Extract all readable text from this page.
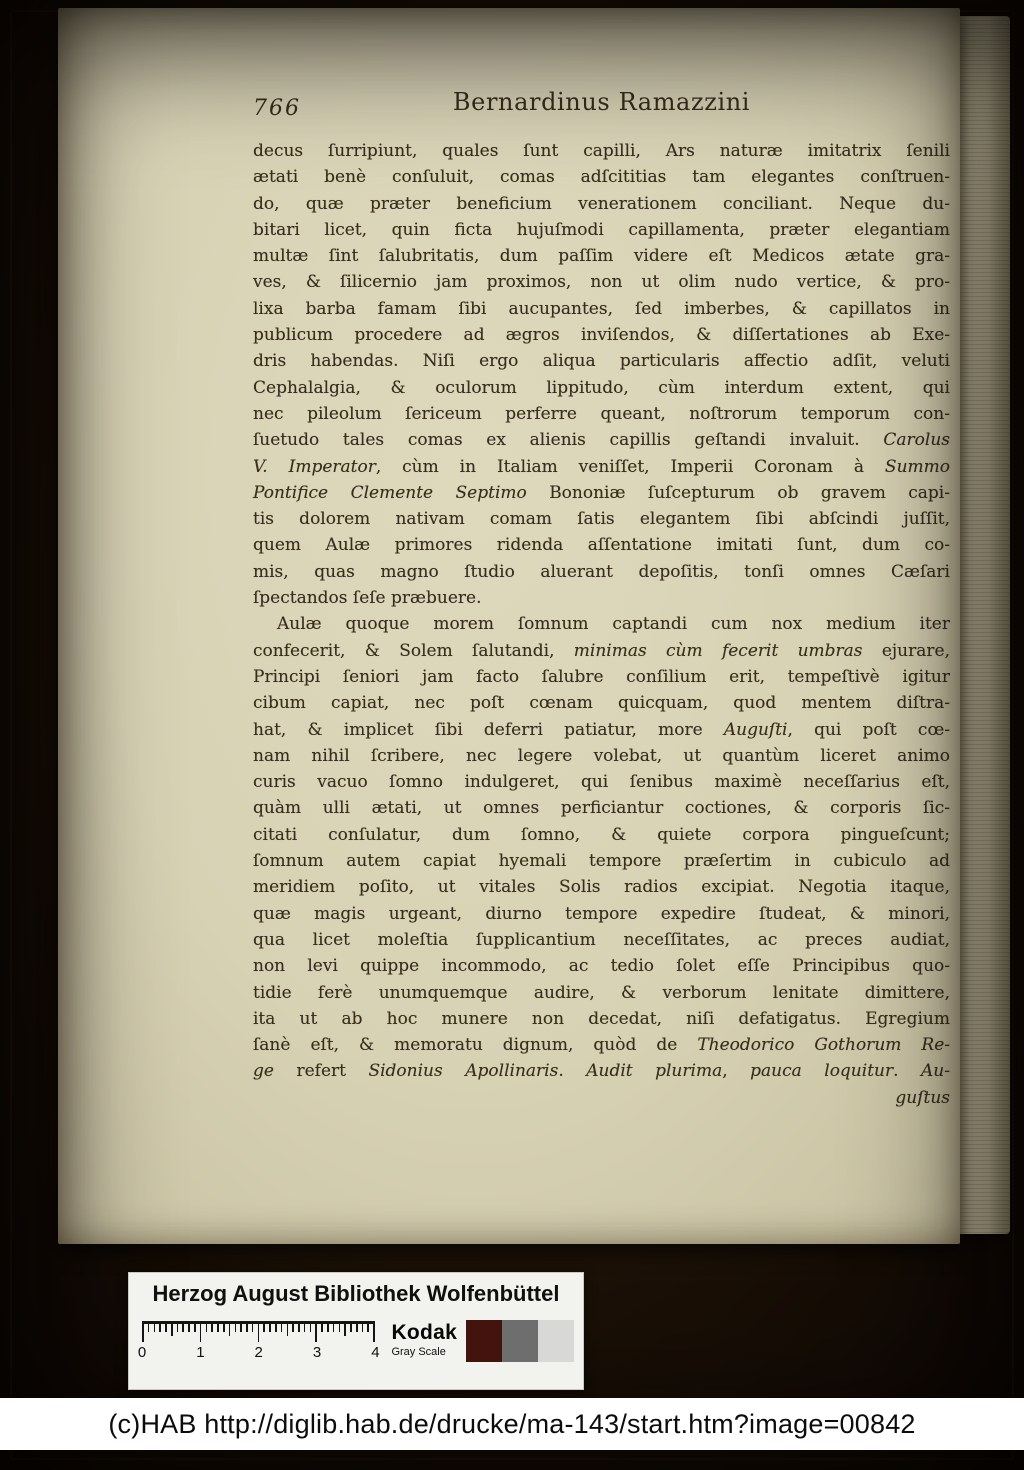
766	Bernardinus Ramazzini
decus ſurripiunt, quales ſunt capilli, Ars naturæ imitatrix ſenili
ætati benè conſuluit, comas adſcititias tam elegantes conſtruen-
do, quæ præter beneficium venerationem conciliant. Neque du-
bitari licet, quin ficta hujuſmodi capillamenta, præter elegantiam
multæ ſint ſalubritatis, dum paſſim videre eſt Medicos ætate gra-
ves, & ſilicernio jam proximos, non ut olim nudo vertice, & pro-
lixa barba famam ſibi aucupantes, ſed imberbes, & capillatos in
publicum procedere ad ægros inviſendos, & diſſertationes ab Exe-
dris habendas. Niſi ergo aliqua particularis affectio adſit, veluti
Cephalalgia, & oculorum lippitudo, cùm interdum extent, qui
nec pileolum ſericeum perferre queant, noſtrorum temporum con-
ſuetudo tales comas ex alienis capillis geſtandi invaluit. Carolus
V. Imperator, cùm in Italiam veniſſet, Imperii Coronam à Summo
Pontifice Clemente Septimo Bononiæ ſuſcepturum ob gravem capi-
tis dolorem nativam comam ſatis elegantem ſibi abſcindi juſſit,
quem Aulæ primores ridenda aſſentatione imitati ſunt, dum co-
mis, quas magno ſtudio aluerant depoſitis, tonſi omnes Cæſari
ſpectandos ſeſe præbuere.
Aulæ quoque morem ſomnum captandi cum nox medium iter
confecerit, & Solem ſalutandi, minimas cùm fecerit umbras ejurare,
Principi ſeniori jam facto ſalubre conſilium erit, tempeſtivè igitur
cibum capiat, nec poſt cœnam quicquam, quod mentem diſtra-
hat, & implicet ſibi deferri patiatur, more Auguſti, qui poſt cœ-
nam nihil ſcribere, nec legere volebat, ut quantùm liceret animo
curis vacuo ſomno indulgeret, qui ſenibus maximè neceſſarius eſt,
quàm ulli ætati, ut omnes perficiantur coctiones, & corporis ſic-
citati conſulatur, dum ſomno, & quiete corpora pingueſcunt;
ſomnum autem capiat hyemali tempore præſertim in cubiculo ad
meridiem poſito, ut vitales Solis radios excipiat. Negotia itaque,
quæ magis urgeant, diurno tempore expedire ſtudeat, & minori,
qua licet moleſtia ſupplicantium neceſſitates, ac preces audiat,
non levi quippe incommodo, ac tedio ſolet eſſe Principibus quo-
tidie ferè unumquemque audire, & verborum lenitate dimittere,
ita ut ab hoc munere non decedat, niſi defatigatus. Egregium
ſanè eſt, & memoratu dignum, quòd de Theodorico Gothorum Re-
ge refert Sidonius Apollinaris. Audit plurima, pauca loquitur. Au-
guſtus
Herzog August Bibliothek Wolfenbüttel
0	1	2	3	4
Kodak
Gray Scale
(c)HAB http://diglib.hab.de/drucke/ma-143/start.htm?image=00842
